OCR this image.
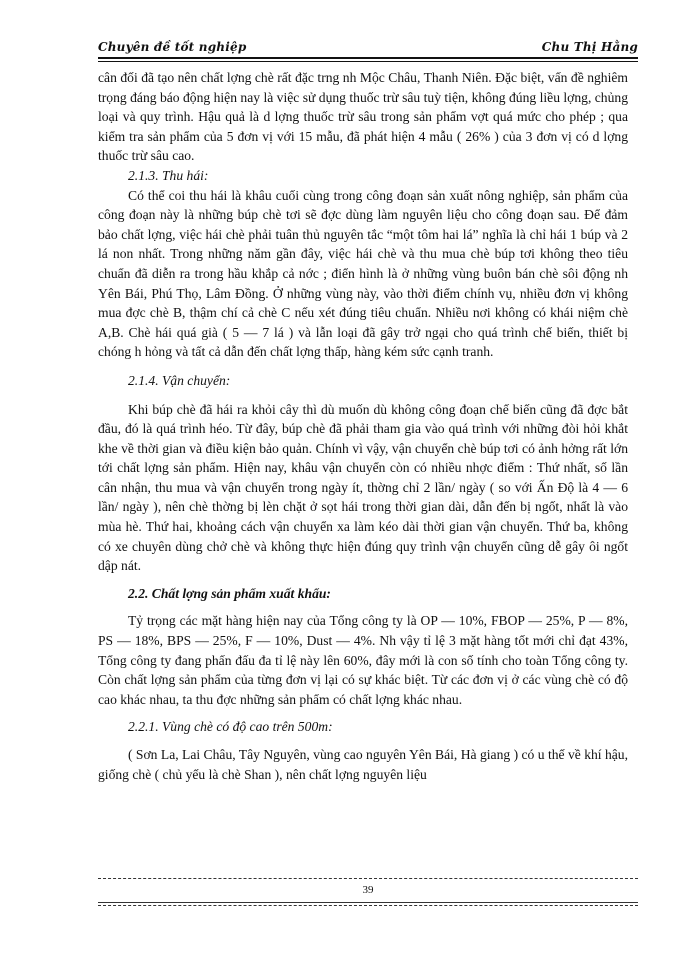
Chuyên đề tốt nghiệp	Chu Thị Hằng

cân đối đã tạo nên chất lợng chè rất đặc trng nh Mộc Châu, Thanh Niên. Đặc biệt, vấn đề nghiêm trọng đáng báo động hiện nay là việc sử dụng thuốc trừ sâu tuỳ tiện, không đúng liều lợng, chủng loại và quy trình. Hậu quả là d lợng thuốc trừ sâu trong sản phẩm vợt quá mức cho phép ; qua kiểm tra sản phẩm của 5 đơn vị với 15 mẫu, đã phát hiện 4 mẫu ( 26% ) của 3 đơn vị có d lợng thuốc trừ sâu cao.

2.1.3. Thu hái:

Có thể coi thu hái là khâu cuối cùng trong công đoạn sản xuất nông nghiệp, sản phẩm của công đoạn này là những búp chè tơi sẽ đợc dùng làm nguyên liệu cho công đoạn sau. Để đảm bảo chất lợng, việc hái chè phải tuân thủ nguyên tắc “một tôm hai lá” nghĩa là chỉ hái 1 búp và 2 lá non nhất. Trong những năm gần đây, việc hái chè và thu mua chè búp tơi không theo tiêu chuẩn đã diễn ra trong hầu khắp cả nớc ; điển hình là ở những vùng buôn bán chè sôi động nh Yên Bái, Phú Thọ, Lâm Đồng. Ở những vùng này, vào thời điểm chính vụ, nhiều đơn vị không mua đợc chè B, thậm chí cả chè C nếu xét đúng tiêu chuẩn. Nhiều nơi không có khái niệm chè A,B. Chè hái quá già ( 5 — 7 lá ) và lẫn loại đã gây trở ngại cho quá trình chế biến, thiết bị chóng h hỏng và tất cả dẫn đến chất lợng thấp, hàng kém sức cạnh tranh.

2.1.4. Vận chuyển:

Khi búp chè đã hái ra khỏi cây thì dù muốn dù không công đoạn chế biến cũng đã đợc bắt đầu, đó là quá trình héo. Từ đây, búp chè đã phải tham gia vào quá trình với những đòi hỏi khắt khe về thời gian và điều kiện bảo quản. Chính vì vậy, vận chuyển chè búp tơi có ảnh hởng rất lớn tới chất lợng sản phẩm. Hiện nay, khâu vận chuyển còn có nhiều nhợc điểm : Thứ nhất, số lần cân nhận, thu mua và vận chuyển trong ngày ít, thờng chỉ 2 lần/ ngày ( so với Ấn Độ là 4 — 6 lần/ ngày ), nên chè thờng bị lèn chặt ở sọt hái trong thời gian dài, dẫn đến bị ngốt, nhất là vào mùa hè. Thứ hai, khoảng cách vận chuyển xa làm kéo dài thời gian vận chuyển. Thứ ba, không có xe chuyên dùng chở chè và không thực hiện đúng quy trình vận chuyển cũng dễ gây ôi ngốt dập nát.

2.2. Chất lợng sản phẩm xuất khẩu:

Tỷ trọng các mặt hàng hiện nay của Tổng công ty là OP — 10%, FBOP — 25%, P — 8%, PS — 18%, BPS — 25%, F — 10%, Dust — 4%. Nh vậy tỉ lệ 3 mặt hàng tốt mới chỉ đạt 43%, Tổng công ty đang phấn đấu đa tỉ lệ này lên 60%, đây mới là con số tính cho toàn Tổng công ty. Còn chất lợng sản phẩm của từng đơn vị lại có sự khác biệt. Từ các đơn vị ở các vùng chè có độ cao khác nhau, ta thu đợc những sản phẩm có chất lợng khác nhau.

2.2.1. Vùng chè có độ cao trên 500m:

( Sơn La, Lai Châu, Tây Nguyên, vùng cao nguyên Yên Bái, Hà giang ) có u thế về khí hậu, giống chè ( chủ yếu là chè Shan ), nên chất lợng nguyên liệu

39
